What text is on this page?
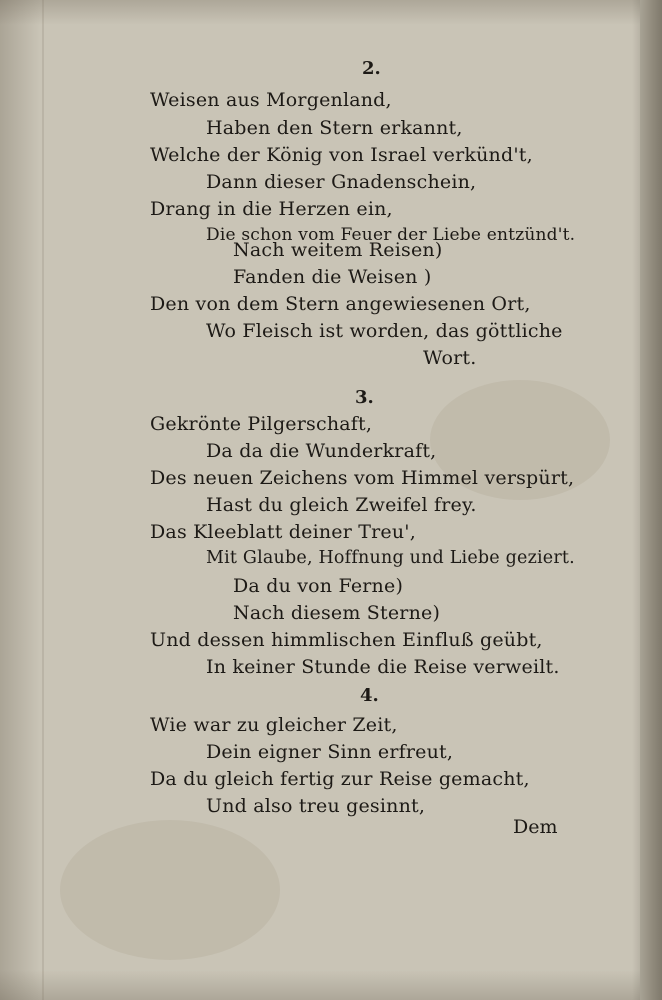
2.
Weisen aus Morgenland,
Haben den Stern erkannt,
Welche der König von Israel verkünd't,
Dann dieser Gnadenschein,
Drang in die Herzen ein,
Die schon vom Feuer der Liebe entzünd't.
Nach weitem Reisen)
Fanden die Weisen )
Den von dem Stern angewiesenen Ort,
Wo Fleisch ist worden, das göttliche
Wort.
3.
Gekrönte Pilgerschaft,
Da da die Wunderkraft,
Des neuen Zeichens vom Himmel verspürt,
Hast du gleich Zweifel frey.
Das Kleeblatt deiner Treu',
Mit Glaube, Hoffnung und Liebe geziert.
Da du von Ferne)
Nach diesem Sterne)
Und dessen himmlischen Einfluß geübt,
In keiner Stunde die Reise verweilt.
4.
Wie war zu gleicher Zeit,
Dein eigner Sinn erfreut,
Da du gleich fertig zur Reise gemacht,
Und also treu gesinnt,
Dem
